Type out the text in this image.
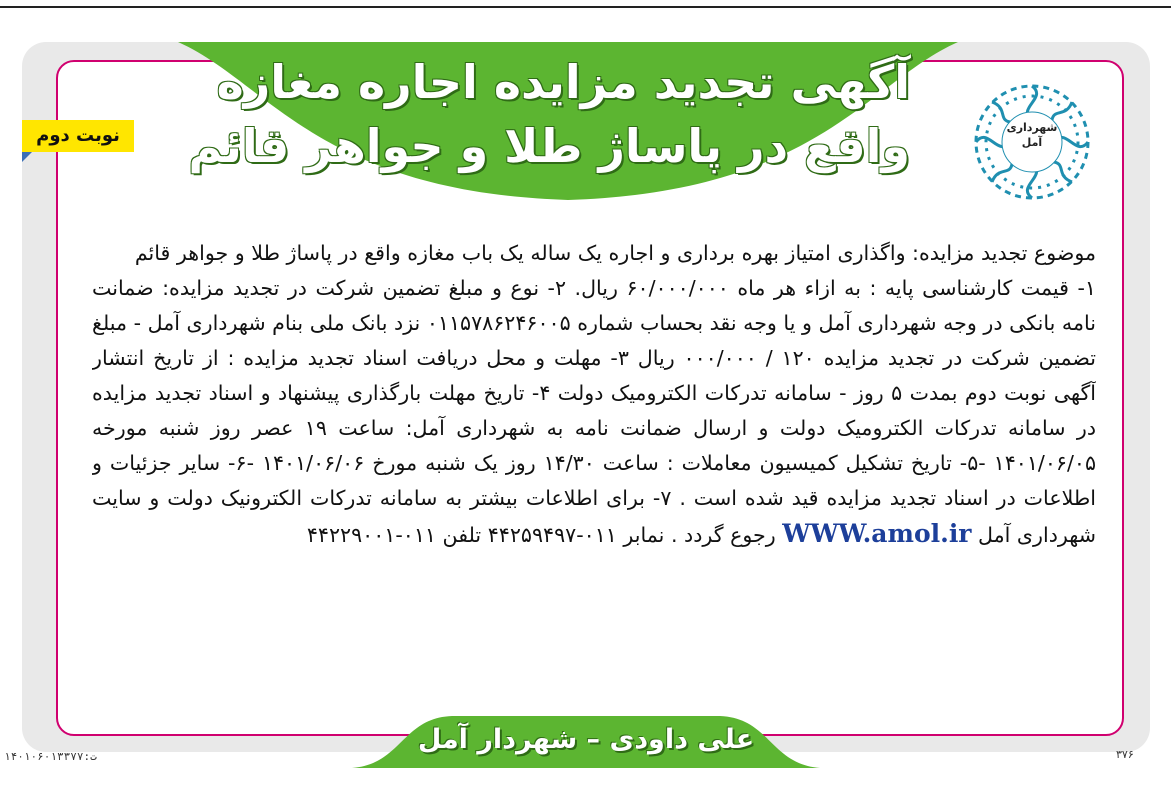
آگهی تجدید مزایده اجاره مغازه
واقع در پاساژ طلا و جواهر قائم
نوبت دوم	شهرداری
آمل

موضوع تجدید مزایده: واگذاری امتیاز بهره برداری و اجاره یک ساله یک باب مغازه واقع در پاساژ طلا و جواهر قائم

۱- قیمت کارشناسی پایه : به ازاء هر ماه ۶۰/۰۰۰/۰۰۰ ریال. ۲- نوع و مبلغ تضمین شرکت در تجدید مزایده: ضمانت نامه بانکی در وجه شهرداری آمل و یا وجه نقد بحساب شماره ۰۱۱۵۷۸۶۲۴۶۰۰۵ نزد بانک ملی بنام شهرداری آمل - مبلغ تضمین شرکت در تجدید مزایده ۱۲۰ / ۰۰۰/۰۰۰ ریال ۳- مهلت و محل دریافت اسناد تجدید مزایده : از تاریخ انتشار آگهی نوبت دوم بمدت ۵ روز - سامانه تدرکات الکترومیک دولت ۴- تاریخ مهلت بارگذاری پیشنهاد و اسناد تجدید مزایده در سامانه تدرکات الکترومیک دولت و ارسال ضمانت نامه به شهرداری آمل: ساعت ۱۹ عصر روز شنبه مورخه ۱۴۰۱/۰۶/۰۵ -۵- تاریخ تشکیل کمیسیون معاملات : ساعت ۱۴/۳۰ روز یک شنبه مورخ ۱۴۰۱/۰۶/۰۶ -۶- سایر جزئیات و اطلاعات در اسناد تجدید مزایده قید شده است . ۷- برای اطلاعات بیشتر به سامانه تدرکات الکترونیک دولت و سایت شهرداری آمل WWW.amol.ir رجوع گردد . نمابر ۰۱۱-۴۴۲۵۹۴۹۷ تلفن ۰۱۱-۴۴۲۲۹۰۰۱

علی داودی – شهردار آمل
ت:۱۴۰۱۰۶۰۱۳۳۷۷	۳۷۶
